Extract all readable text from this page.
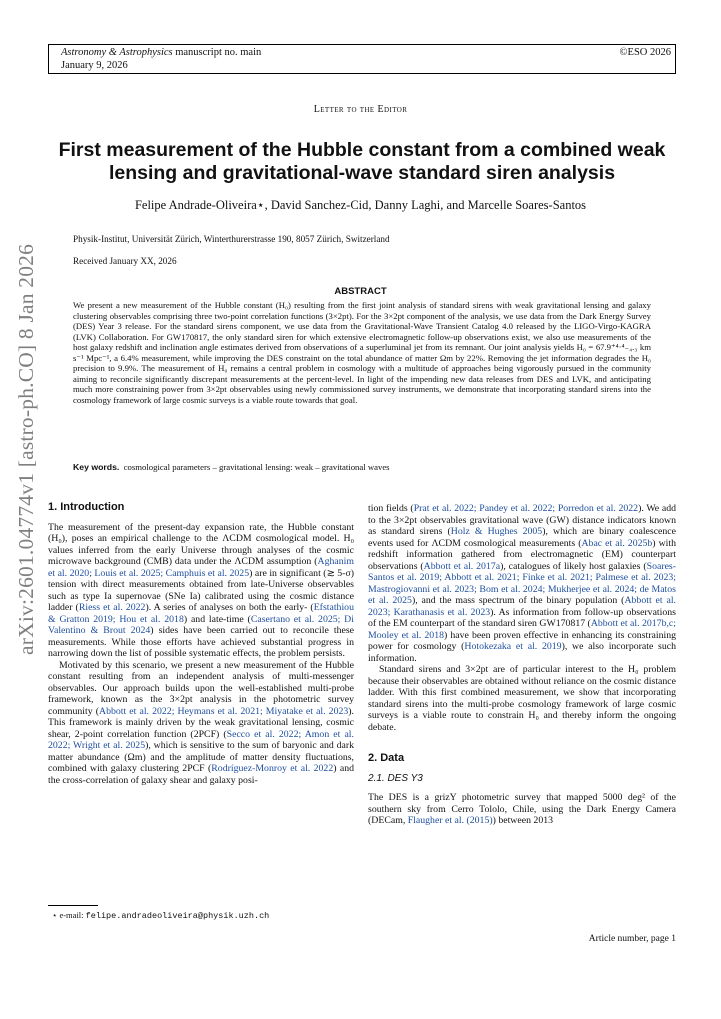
arXiv:2601.04774v1 [astro-ph.CO] 8 Jan 2026
Astronomy & Astrophysics manuscript no. main
January 9, 2026
©ESO 2026
Letter to the Editor
First measurement of the Hubble constant from a combined weak lensing and gravitational-wave standard siren analysis
Felipe Andrade-Oliveira⋆, David Sanchez-Cid, Danny Laghi, and Marcelle Soares-Santos
Physik-Institut, Universität Zürich, Winterthurerstrasse 190, 8057 Zürich, Switzerland
Received January XX, 2026
ABSTRACT
We present a new measurement of the Hubble constant (H₀) resulting from the first joint analysis of standard sirens with weak gravitational lensing and galaxy clustering observables comprising three two-point correlation functions (3×2pt). For the 3×2pt component of the analysis, we use data from the Dark Energy Survey (DES) Year 3 release. For the standard sirens component, we use data from the Gravitational-Wave Transient Catalog 4.0 released by the LIGO-Virgo-KAGRA (LVK) Collaboration. For GW170817, the only standard siren for which extensive electromagnetic follow-up observations exist, we also use measurements of the host galaxy redshift and inclination angle estimates derived from observations of a superluminal jet from its remnant. Our joint analysis yields H₀ = 67.9⁺⁴·⁴₋₄.₃ km s⁻¹ Mpc⁻¹, a 6.4% measurement, while improving the DES constraint on the total abundance of matter Ωm by 22%. Removing the jet information degrades the H₀ precision to 9.9%. The measurement of H₀ remains a central problem in cosmology with a multitude of approaches being vigorously pursued in the community aiming to reconcile significantly discrepant measurements at the percent-level. In light of the impending new data releases from DES and LVK, and anticipating much more constraining power from 3×2pt observables using newly commissioned survey instruments, we demonstrate that incorporating standard sirens into the cosmology framework of large cosmic surveys is a viable route towards that goal.
Key words. cosmological parameters – gravitational lensing: weak – gravitational waves
1. Introduction

The measurement of the present-day expansion rate, the Hubble constant (H₀), poses an empirical challenge to the ΛCDM cosmological model. H₀ values inferred from the early Universe through analyses of the cosmic microwave background (CMB) data under the ΛCDM assumption (Aghanim et al. 2020; Louis et al. 2025; Camphuis et al. 2025) are in significant (≳ 5-σ) tension with direct measurements obtained from late-Universe observables such as type Ia supernovae (SNe Ia) calibrated using the cosmic distance ladder (Riess et al. 2022). A series of analyses on both the early- (Efstathiou & Gratton 2019; Hou et al. 2018) and late-time (Casertano et al. 2025; Di Valentino & Brout 2024) sides have been carried out to reconcile these measurements. While those efforts have achieved substantial progress in narrowing down the list of possible systematic effects, the problem persists.

Motivated by this scenario, we present a new measurement of the Hubble constant resulting from an independent analysis of multi-messenger observables. Our approach builds upon the well-established multi-probe framework, known as the 3×2pt analysis in the photometric survey community (Abbott et al. 2022; Heymans et al. 2021; Miyatake et al. 2023). This framework is mainly driven by the weak gravitational lensing, cosmic shear, 2-point correlation function (2PCF) (Secco et al. 2022; Amon et al. 2022; Wright et al. 2025), which is sensitive to the sum of baryonic and dark matter abundance (Ωm) and the amplitude of matter density fluctuations, combined with galaxy clustering 2PCF (Rodríguez-Monroy et al. 2022) and the cross-correlation of galaxy shear and galaxy posi-

tion fields (Prat et al. 2022; Pandey et al. 2022; Porredon et al. 2022). We add to the 3×2pt observables gravitational wave (GW) distance indicators known as standard sirens (Holz & Hughes 2005), which are binary coalescence events used for ΛCDM cosmological measurements (Abac et al. 2025b) with redshift information gathered from electromagnetic (EM) counterpart observations (Abbott et al. 2017a), catalogues of likely host galaxies (Soares-Santos et al. 2019; Abbott et al. 2021; Finke et al. 2021; Palmese et al. 2023; Mastrogiovanni et al. 2023; Bom et al. 2024; Mukherjee et al. 2024; de Matos et al. 2025), and the mass spectrum of the binary population (Abbott et al. 2023; Karathanasis et al. 2023). As information from follow-up observations of the EM counterpart of the standard siren GW170817 (Abbott et al. 2017b,c; Mooley et al. 2018) have been proven effective in enhancing its constraining power for cosmology (Hotokezaka et al. 2019), we also incorporate such information.

Standard sirens and 3×2pt are of particular interest to the H₀ problem because their observables are obtained without reliance on the cosmic distance ladder. With this first combined measurement, we show that incorporating standard sirens into the multi-probe cosmology framework of large cosmic surveys is a viable route to constrain H₀ and thereby inform the ongoing debate.

2. Data
2.1. DES Y3

The DES is a grizY photometric survey that mapped 5000 deg² of the southern sky from Cerro Tololo, Chile, using the Dark Energy Camera (DECam, Flaugher et al. (2015)) between 2013

⋆ e-mail: felipe.andradeoliveira@physik.uzh.ch
Article number, page 1
